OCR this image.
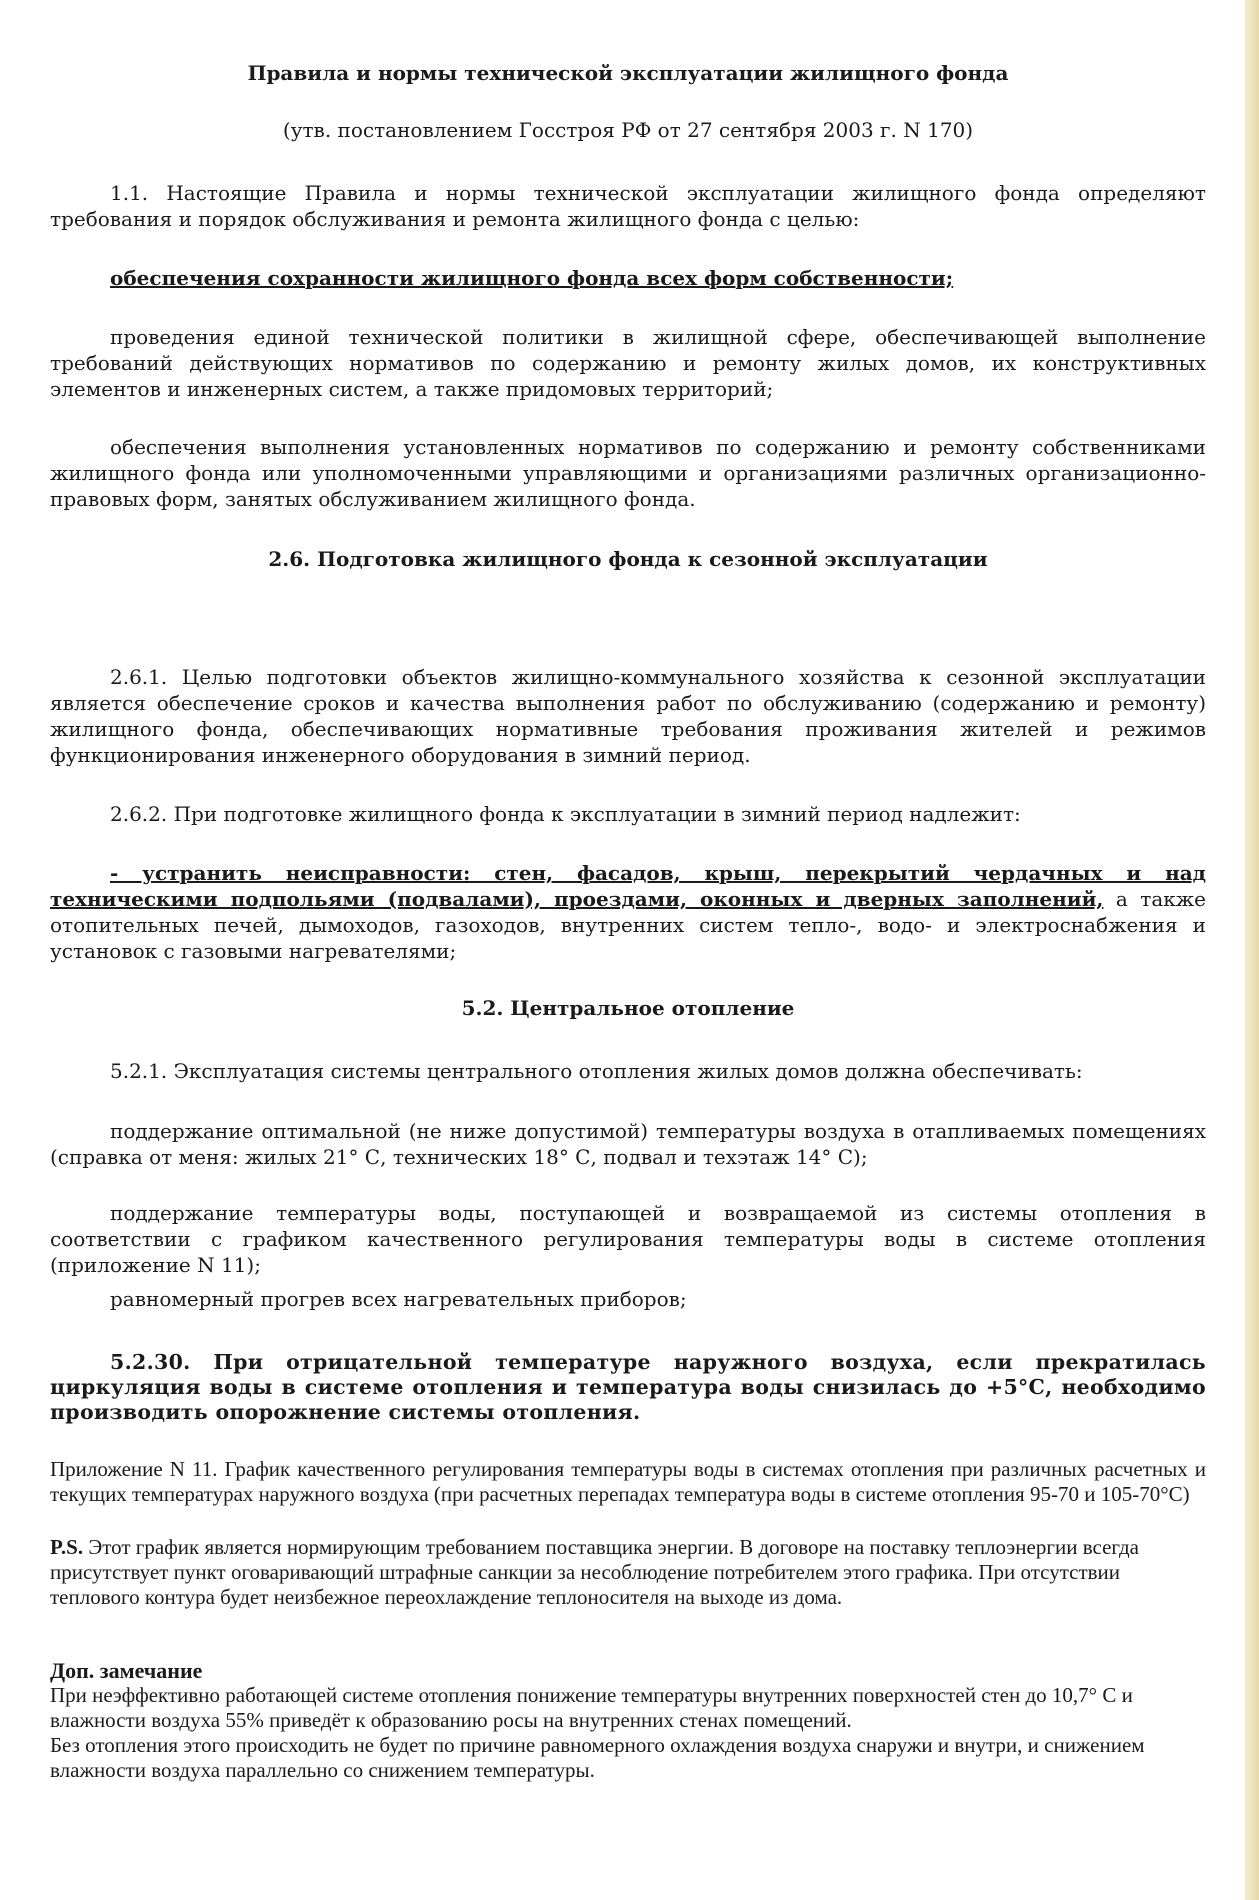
Правила и нормы технической эксплуатации жилищного фонда

(утв. постановлением Госстроя РФ от 27 сентября 2003 г. N 170)

1.1. Настоящие Правила и нормы технической эксплуатации жилищного фонда определяют требования и порядок обслуживания и ремонта жилищного фонда с целью:

обеспечения сохранности жилищного фонда всех форм собственности;

проведения единой технической политики в жилищной сфере, обеспечивающей выполнение требований действующих нормативов по содержанию и ремонту жилых домов, их конструктивных элементов и инженерных систем, а также придомовых территорий;

обеспечения выполнения установленных нормативов по содержанию и ремонту собственниками жилищного фонда или уполномоченными управляющими и организациями различных организационно-правовых форм, занятых обслуживанием жилищного фонда.

2.6. Подготовка жилищного фонда к сезонной эксплуатации

2.6.1. Целью подготовки объектов жилищно-коммунального хозяйства к сезонной эксплуатации является обеспечение сроков и качества выполнения работ по обслуживанию (содержанию и ремонту) жилищного фонда, обеспечивающих нормативные требования проживания жителей и режимов функционирования инженерного оборудования в зимний период.

2.6.2. При подготовке жилищного фонда к эксплуатации в зимний период надлежит:

- устранить неисправности: стен, фасадов, крыш, перекрытий чердачных и над техническими подпольями (подвалами), проездами, оконных и дверных заполнений, а также отопительных печей, дымоходов, газоходов, внутренних систем тепло-, водо- и электроснабжения и установок с газовыми нагревателями;

5.2. Центральное отопление

5.2.1. Эксплуатация системы центрального отопления жилых домов должна обеспечивать:

поддержание оптимальной (не ниже допустимой) температуры воздуха в отапливаемых помещениях (справка от меня: жилых 21° С, технических 18° С, подвал и техэтаж 14° С);

поддержание температуры воды, поступающей и возвращаемой из системы отопления в соответствии с графиком качественного регулирования температуры воды в системе отопления (приложение N 11);

равномерный прогрев всех нагревательных приборов;

5.2.30. При отрицательной температуре наружного воздуха, если прекратилась циркуляция воды в системе отопления и температура воды снизилась до +5°С, необходимо производить опорожнение системы отопления.

Приложение N 11. График качественного регулирования температуры воды в системах отопления при различных расчетных и текущих температурах наружного воздуха (при расчетных перепадах температура воды в системе отопления 95-70 и 105-70°С)

P.S. Этот график является нормирующим требованием поставщика энергии. В договоре на поставку теплоэнергии всегда присутствует пункт оговаривающий штрафные санкции за несоблюдение потребителем этого графика. При отсутствии теплового контура будет неизбежное переохлаждение теплоносителя на выходе из дома.

Доп. замечание

При неэффективно работающей системе отопления понижение температуры внутренних поверхностей стен до 10,7° С и влажности воздуха 55% приведёт к образованию росы на внутренних стенах помещений.

Без отопления этого происходить не будет по причине равномерного охлаждения воздуха снаружи и внутри, и снижением влажности воздуха параллельно со снижением температуры.
